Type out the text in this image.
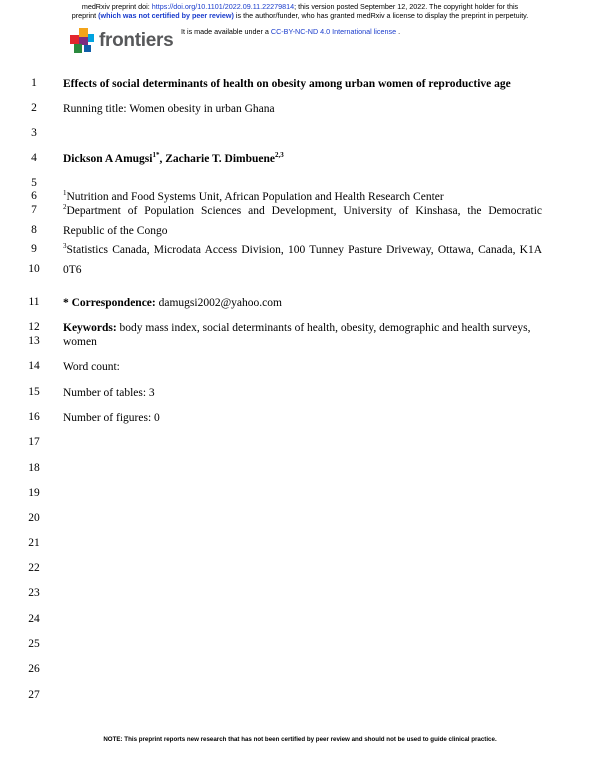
medRxiv preprint doi: https://doi.org/10.1101/2022.09.11.22279814; this version posted September 12, 2022. The copyright holder for this
preprint (which was not certified by peer review) is the author/funder, who has granted medRxiv a license to display the preprint in perpetuity.
frontiers It is made available under a CC-BY-NC-ND 4.0 International license .
1
2
3
4
5
6
7
8
9
10
11
12
13
14
15
16
17
18
19
20
21
22
23
24
25
26
27
Effects of social determinants of health on obesity among urban women of reproductive age
Running title: Women obesity in urban Ghana
Dickson A Amugsi$^{1*}$, Zacharie T. Dimbuene$^{2,3}$
$^1$Nutrition and Food Systems Unit, African Population and Health Research Center
$^2$Department of Population Sciences and Development, University of Kinshasa, the Democratic
Republic of the Congo
$^3$Statistics Canada, Microdata Access Division, 100 Tunney Pasture Driveway, Ottawa, Canada, K1A
0T6
* Correspondence: damugsi2002@yahoo.com
Keywords: body mass index, social determinants of health, obesity, demographic and health surveys,
women
Word count:
Number of tables: 3
Number of figures: 0
NOTE: This preprint reports new research that has not been certified by peer review and should not be used to guide clinical practice.
